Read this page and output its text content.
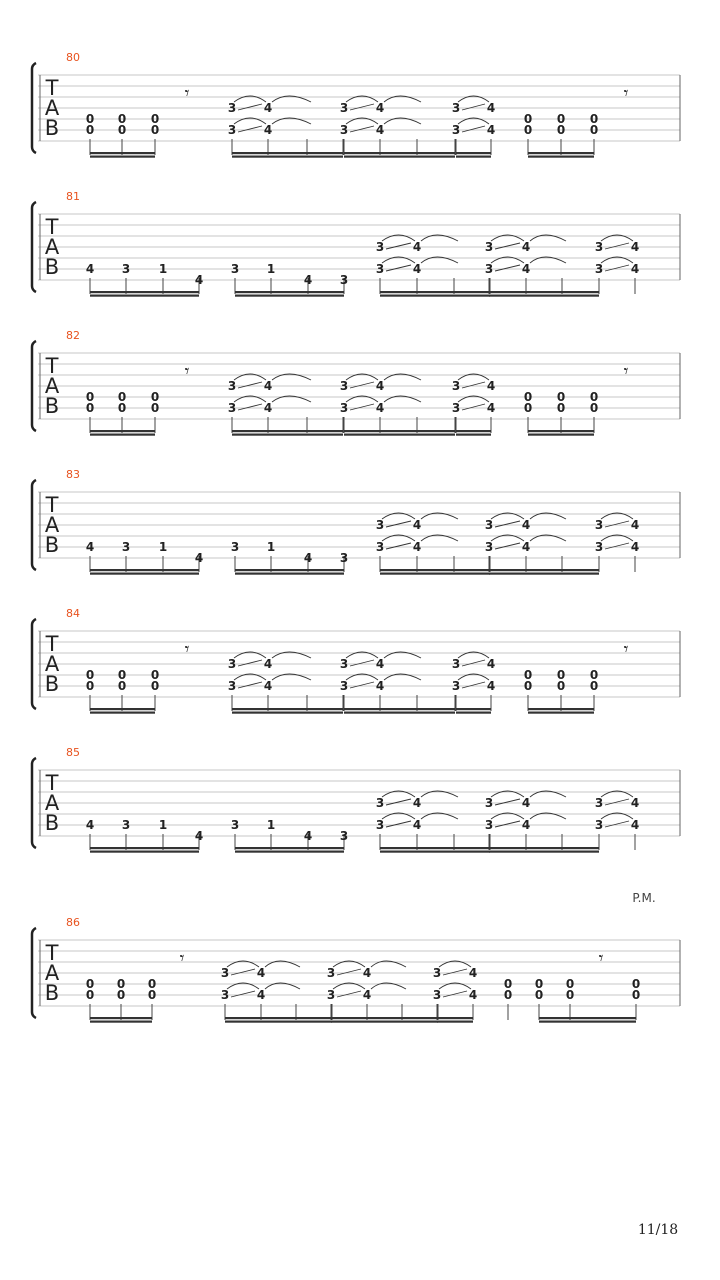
80
T
A
B 0
0
0
0
0
0
3
3
4
4
3
3
4
4
3
3
4
4
0
0
0
0
0
0
𝄾	𝄾
81
T
A
B 4 3 1
4
3 1
4 3
3
3
4
4
3
3
4
4
3
3
4
4
82
T
A
B 0
0
0
0
0
0
3
3
4
4
3
3
4
4
3
3
4
4
0
0
0
0
0
0
𝄾	𝄾
83
T
A
B 4 3 1
4
3 1
4 3
3
3
4
4
3
3
4
4
3
3
4
4
84
T
A
B 0
0
0
0
0
0
3
3
4
4
3
3
4
4
3
3
4
4
0
0
0
0
0
0
𝄾	𝄾
85
T
A
B 4 3 1
4
3 1
4 3
3
3
4
4
3
3
4
4
3
3
4
4
86
T
A
B 0
0
0
0
0
0
3
3
4
4
3
3
4
4
3
3
4
4
0
0
0
0
0
0
0
0
𝄾	𝄾
P.M.
11/18
